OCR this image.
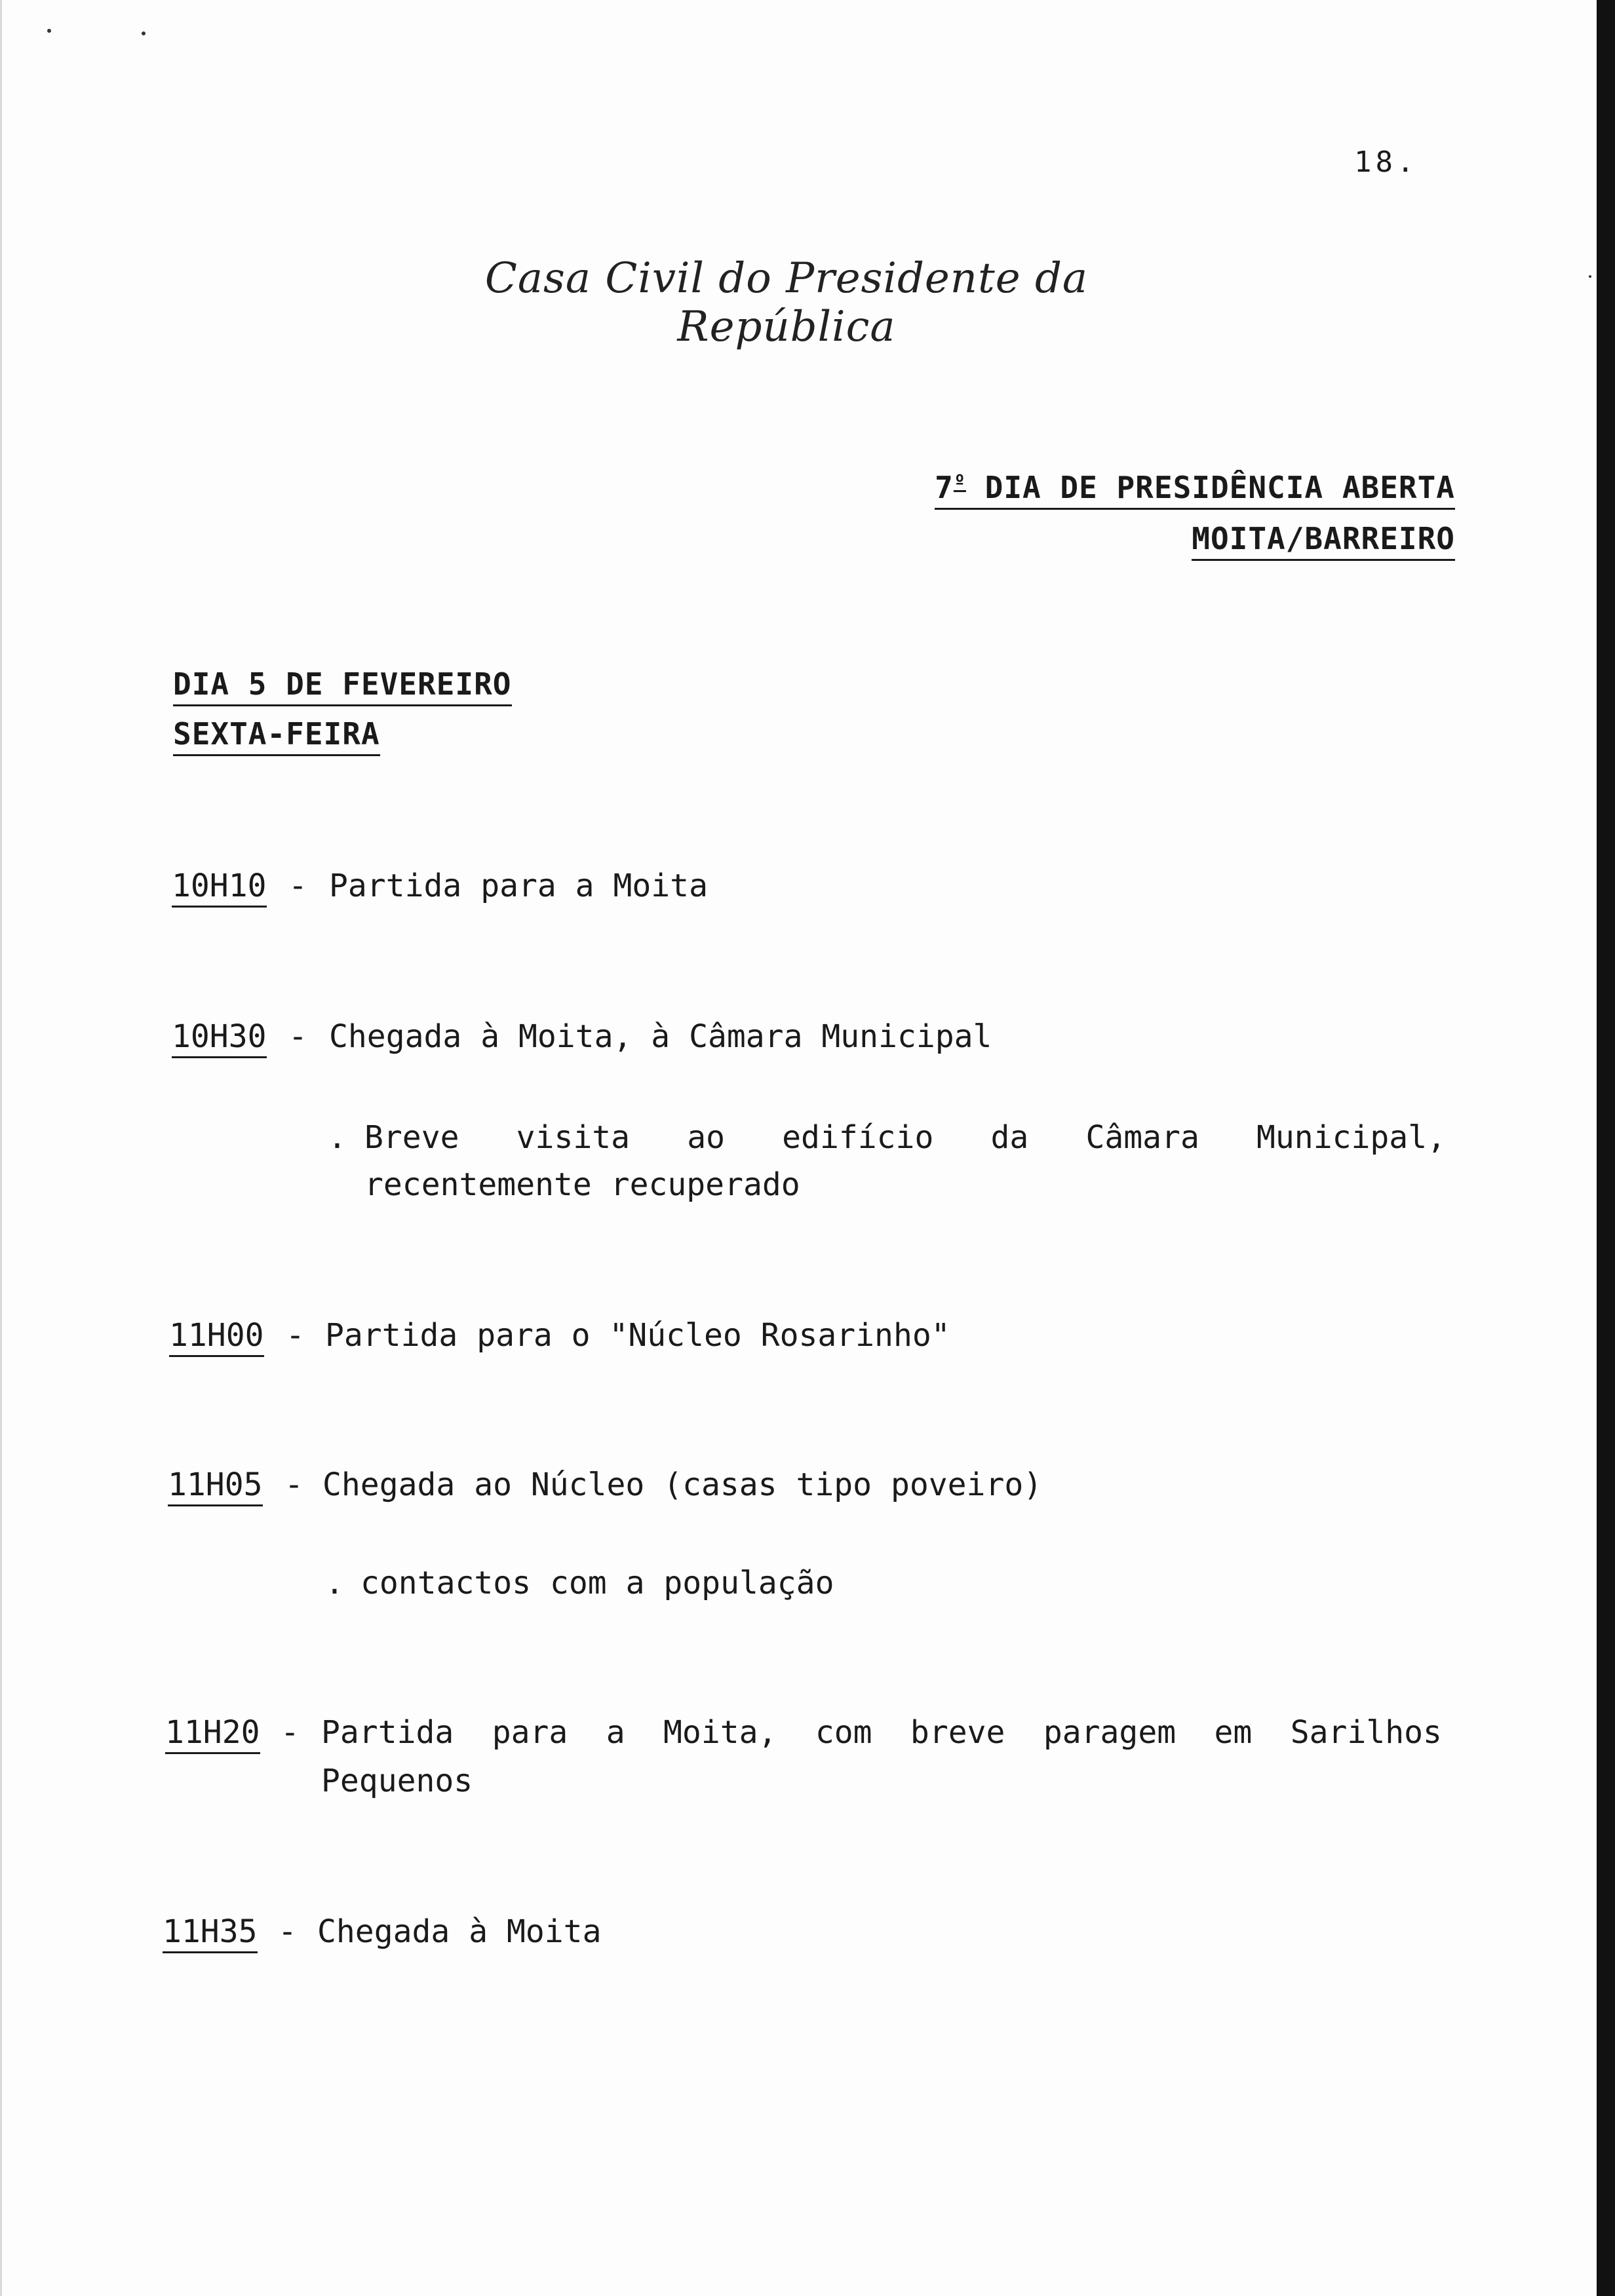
18.
Casa Civil do Presidente da República
$7^º$ DIA DE PRESIDÊNCIA ABERTA
MOITA/BARREIRO
DIA 5 DE FEVEREIRO
SEXTA-FEIRA
10H10 - Partida para a Moita
10H30 - Chegada à Moita, à Câmara Municipal
. Breve visita ao edifício da Câmara Municipal,
recentemente recuperado
11H00 - Partida para o "Núcleo Rosarinho"
11H05 - Chegada ao Núcleo (casas tipo poveiro)
. contactos com a população
11H20 - Partida para a Moita, com breve paragem em Sarilhos
Pequenos
11H35 - Chegada à Moita
